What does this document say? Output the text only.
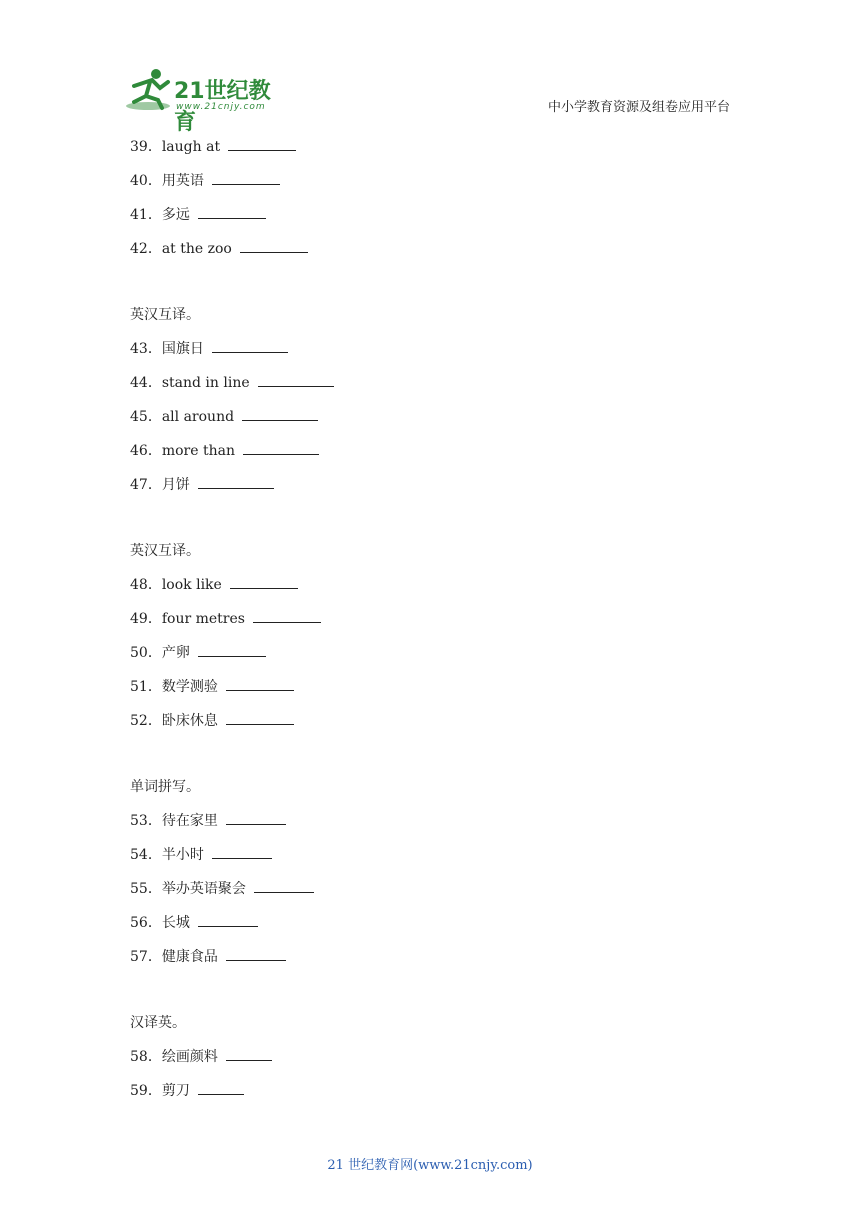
21世纪教育
www.21cnjy.com	中小学教育资源及组卷应用平台
39．laugh at
40．用英语
41．多远
42．at the zoo
英汉互译。
43．国旗日
44．stand in line
45．all around
46．more than
47．月饼
英汉互译。
48．look like
49．four metres
50．产卵
51．数学测验
52．卧床休息
单词拼写。
53．待在家里
54．半小时
55．举办英语聚会
56．长城
57．健康食品
汉译英。
58．绘画颜料
59．剪刀
21 世纪教育网(www.21cnjy.com)
